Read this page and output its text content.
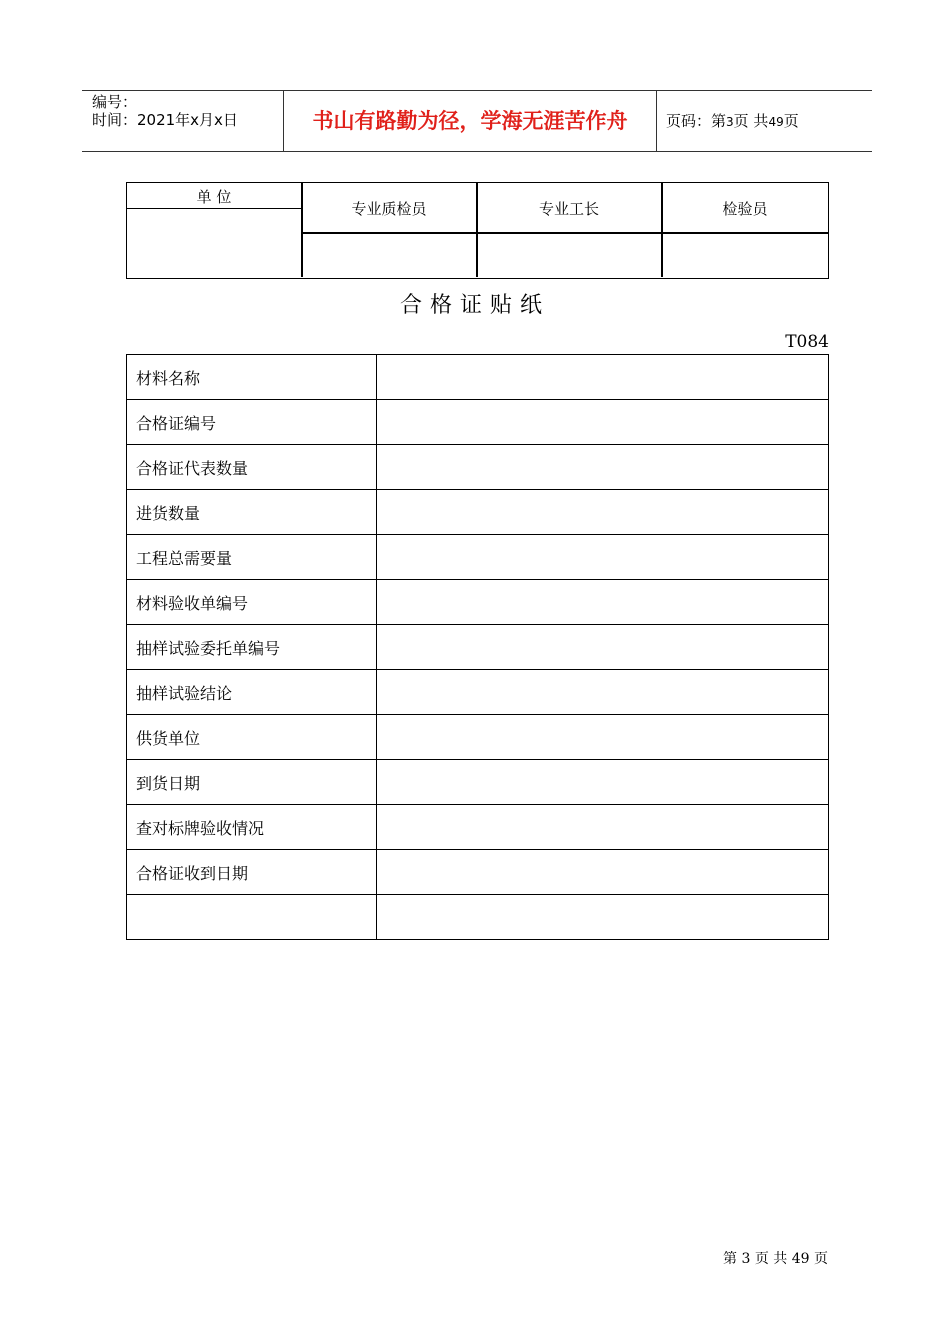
编号：
时间：2021年x月x日	书山有路勤为径，学海无涯苦作舟	页码：第3页 共49页
单 位
专业质检员	专业工长	检验员
合格证贴纸
T084
材料名称	
合格证编号	
合格证代表数量	
进货数量	
工程总需要量	
材料验收单编号	
抽样试验委托单编号	
抽样试验结论	
供货单位	
到货日期	
查对标牌验收情况	
合格证收到日期	

第 3 页 共 49 页
